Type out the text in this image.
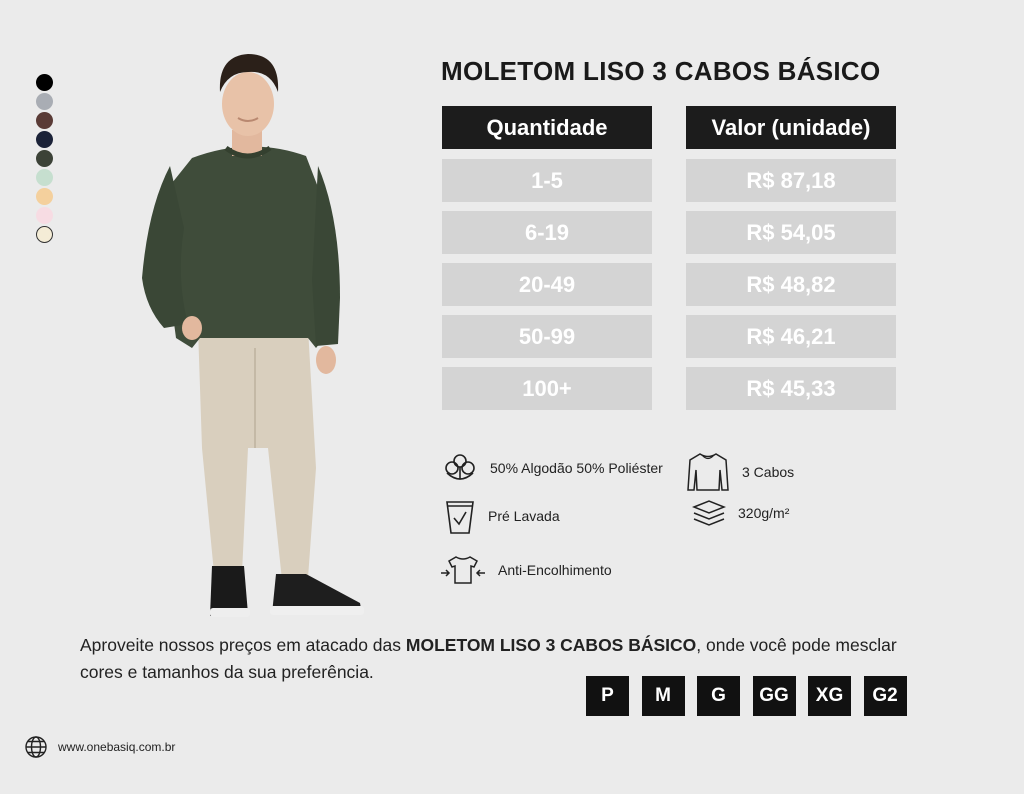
MOLETOM LISO 3 CABOS BÁSICO
Quantidade	Valor (unidade)
1-5	R$ 87,18
6-19	R$ 54,05
20-49	R$ 48,82
50-99	R$ 46,21
100+	R$ 45,33
50% Algodão 50% Poliéster	3 Cabos
Pré Lavada	320g/m²
Anti-Encolhimento
Aproveite nossos preços em atacado das MOLETOM LISO 3 CABOS BÁSICO, onde você pode mesclar cores e tamanhos da sua preferência.
P	M	G	GG	XG	G2
www.onebasiq.com.br
